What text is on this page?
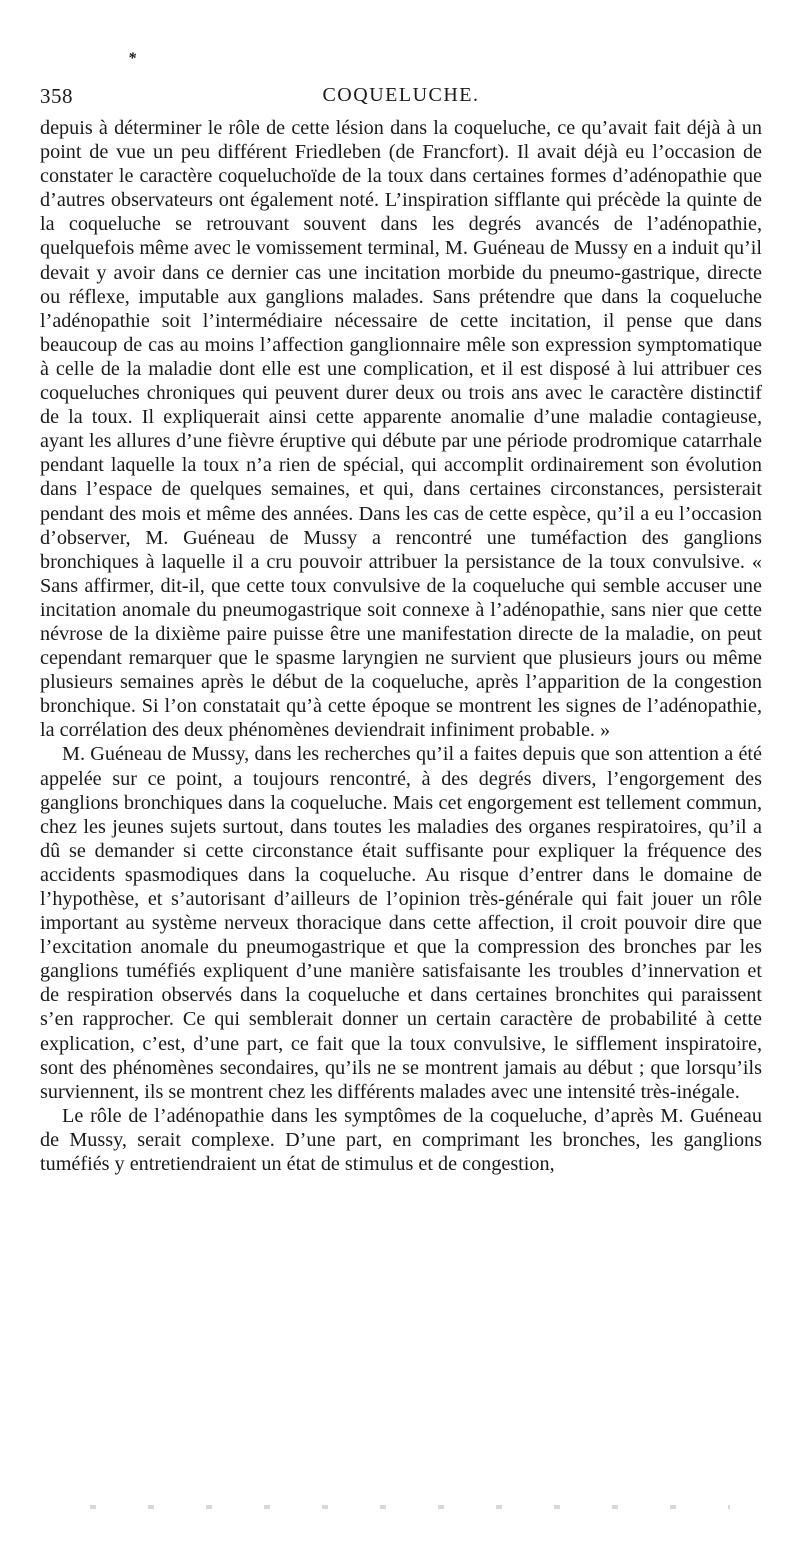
*
358	COQUELUCHE.

depuis à déterminer le rôle de cette lésion dans la coqueluche, ce qu’avait fait déjà à un point de vue un peu différent Friedleben (de Francfort). Il avait déjà eu l’occasion de constater le caractère coqueluchoïde de la toux dans certaines formes d’adénopathie que d’autres observateurs ont également noté. L’inspiration sifflante qui précède la quinte de la coqueluche se retrouvant souvent dans les degrés avancés de l’adénopathie, quelquefois même avec le vomissement terminal, M. Guéneau de Mussy en a induit qu’il devait y avoir dans ce dernier cas une incitation morbide du pneumo-gastrique, directe ou réflexe, imputable aux ganglions malades. Sans prétendre que dans la coqueluche l’adénopathie soit l’intermédiaire nécessaire de cette incitation, il pense que dans beaucoup de cas au moins l’affection ganglionnaire mêle son expression symptomatique à celle de la maladie dont elle est une complication, et il est disposé à lui attribuer ces coqueluches chroniques qui peuvent durer deux ou trois ans avec le caractère distinctif de la toux. Il expliquerait ainsi cette apparente anomalie d’une maladie contagieuse, ayant les allures d’une fièvre éruptive qui débute par une période prodromique catarrhale pendant laquelle la toux n’a rien de spécial, qui accomplit ordinairement son évolution dans l’espace de quelques semaines, et qui, dans certaines circonstances, persisterait pendant des mois et même des années. Dans les cas de cette espèce, qu’il a eu l’occasion d’observer, M. Guéneau de Mussy a rencontré une tuméfaction des ganglions bronchiques à laquelle il a cru pouvoir attribuer la persistance de la toux convulsive. « Sans affirmer, dit-il, que cette toux convulsive de la coqueluche qui semble accuser une incitation anomale du pneumogastrique soit connexe à l’adénopathie, sans nier que cette névrose de la dixième paire puisse être une manifestation directe de la maladie, on peut cependant remarquer que le spasme laryngien ne survient que plusieurs jours ou même plusieurs semaines après le début de la coqueluche, après l’apparition de la congestion bronchique. Si l’on constatait qu’à cette époque se montrent les signes de l’adénopathie, la corrélation des deux phénomènes deviendrait infiniment probable. »

M. Guéneau de Mussy, dans les recherches qu’il a faites depuis que son attention a été appelée sur ce point, a toujours rencontré, à des degrés divers, l’engorgement des ganglions bronchiques dans la coqueluche. Mais cet engorgement est tellement commun, chez les jeunes sujets surtout, dans toutes les maladies des organes respiratoires, qu’il a dû se demander si cette circonstance était suffisante pour expliquer la fréquence des accidents spasmodiques dans la coqueluche. Au risque d’entrer dans le domaine de l’hypothèse, et s’autorisant d’ailleurs de l’opinion très-générale qui fait jouer un rôle important au système nerveux thoracique dans cette affection, il croit pouvoir dire que l’excitation anomale du pneumogastrique et que la compression des bronches par les ganglions tuméfiés expliquent d’une manière satisfaisante les troubles d’innervation et de respiration observés dans la coqueluche et dans certaines bronchites qui paraissent s’en rapprocher. Ce qui semblerait donner un certain caractère de probabilité à cette explication, c’est, d’une part, ce fait que la toux convulsive, le sifflement inspiratoire, sont des phénomènes secondaires, qu’ils ne se montrent jamais au début ; que lorsqu’ils surviennent, ils se montrent chez les différents malades avec une intensité très-inégale.

Le rôle de l’adénopathie dans les symptômes de la coqueluche, d’après M. Guéneau de Mussy, serait complexe. D’une part, en comprimant les bronches, les ganglions tuméfiés y entretiendraient un état de stimulus et de congestion,
